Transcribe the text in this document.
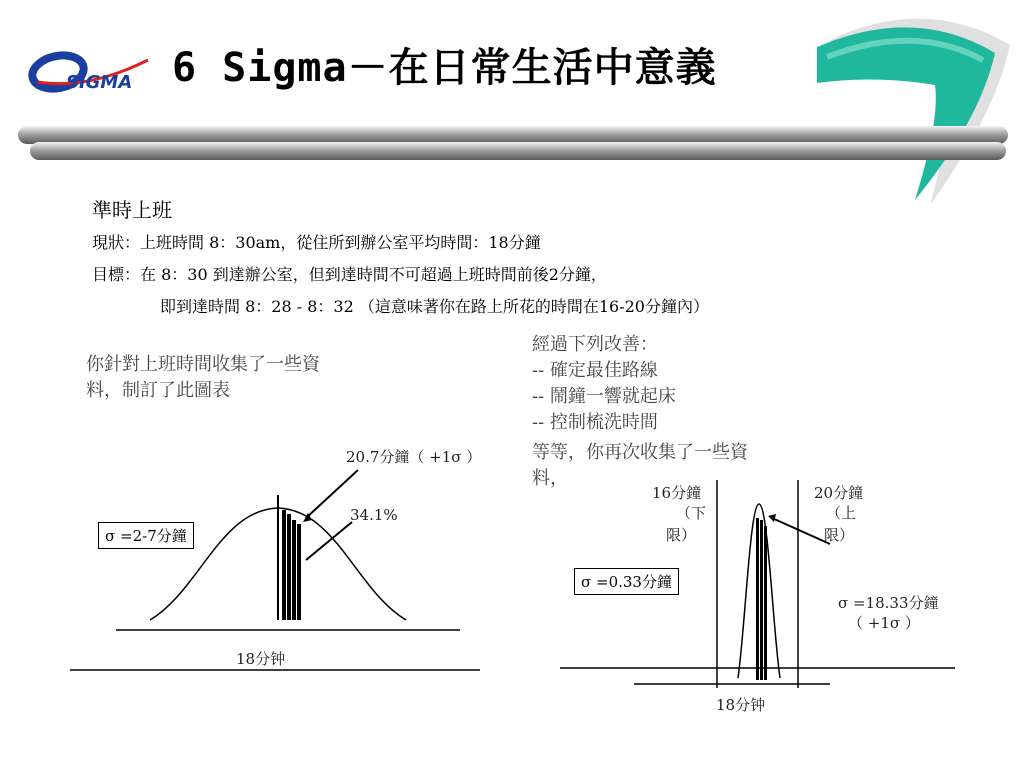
SIGMA 6 Sigma－在日常生活中意義
準時上班
現狀：上班時間 8：30am，從住所到辦公室平均時間：18分鐘
目標：在 8：30 到達辦公室，但到達時間不可超過上班時間前後2分鐘，
即到達時間 8：28 - 8：32 （這意味著你在路上所花的時間在16-20分鐘內）
你針對上班時間收集了一些資
料，制訂了此圖表
經過下列改善：
-- 確定最佳路線
-- 鬧鐘一響就起床
-- 控制梳洗時間
等等，你再次收集了一些資
料，
20.7分鐘（ +1σ ）
34.1%
σ =2-7分鐘
18分钟
16分鐘
（下
限）
20分鐘
（上
限）
σ =0.33分鐘
σ =18.33分鐘
（ +1σ ）
18分钟
